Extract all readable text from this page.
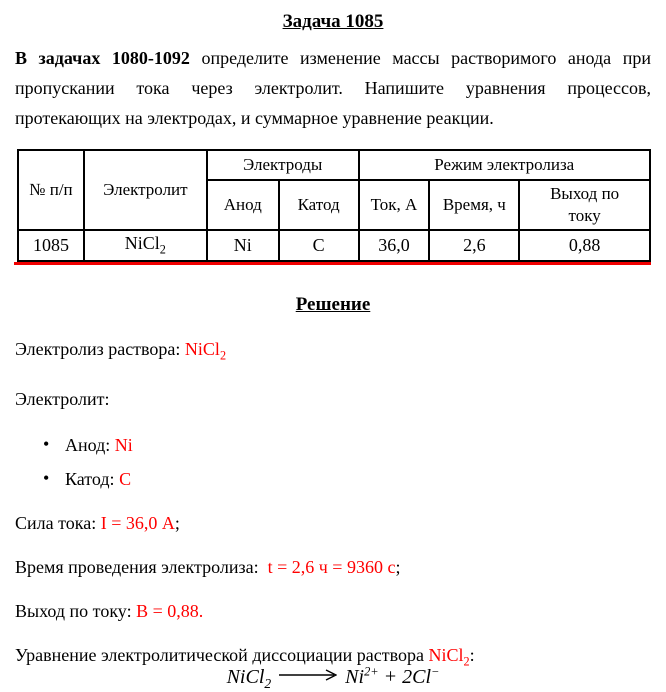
Задача 1085

В задачах 1080-1092 определите изменение массы растворимого анода при пропускании тока через электролит. Напишите уравнения процессов, протекающих на электродах, и суммарное уравнение реакции.

№ п/п	Электролит	Электроды		Режим электролиза		
		Анод	Катод	Ток, А	Время, ч	Выход по току
1085	NiCl$_2$	Ni	C	36,0	2,6	0,88
Решение

Электролиз раствора: NiCl$_2$

Электролит:

• Анод: Ni
• Катод: C

Сила тока: I = 36,0 А;

Время проведения электролиза:  t = 2,6 ч = 9360 с;

Выход по току: В = 0,88.

Уравнение электролитической диссоциации раствора NiCl$_2$:

NiCl$_2$ → $Ni^{2+} + 2Cl^-$
